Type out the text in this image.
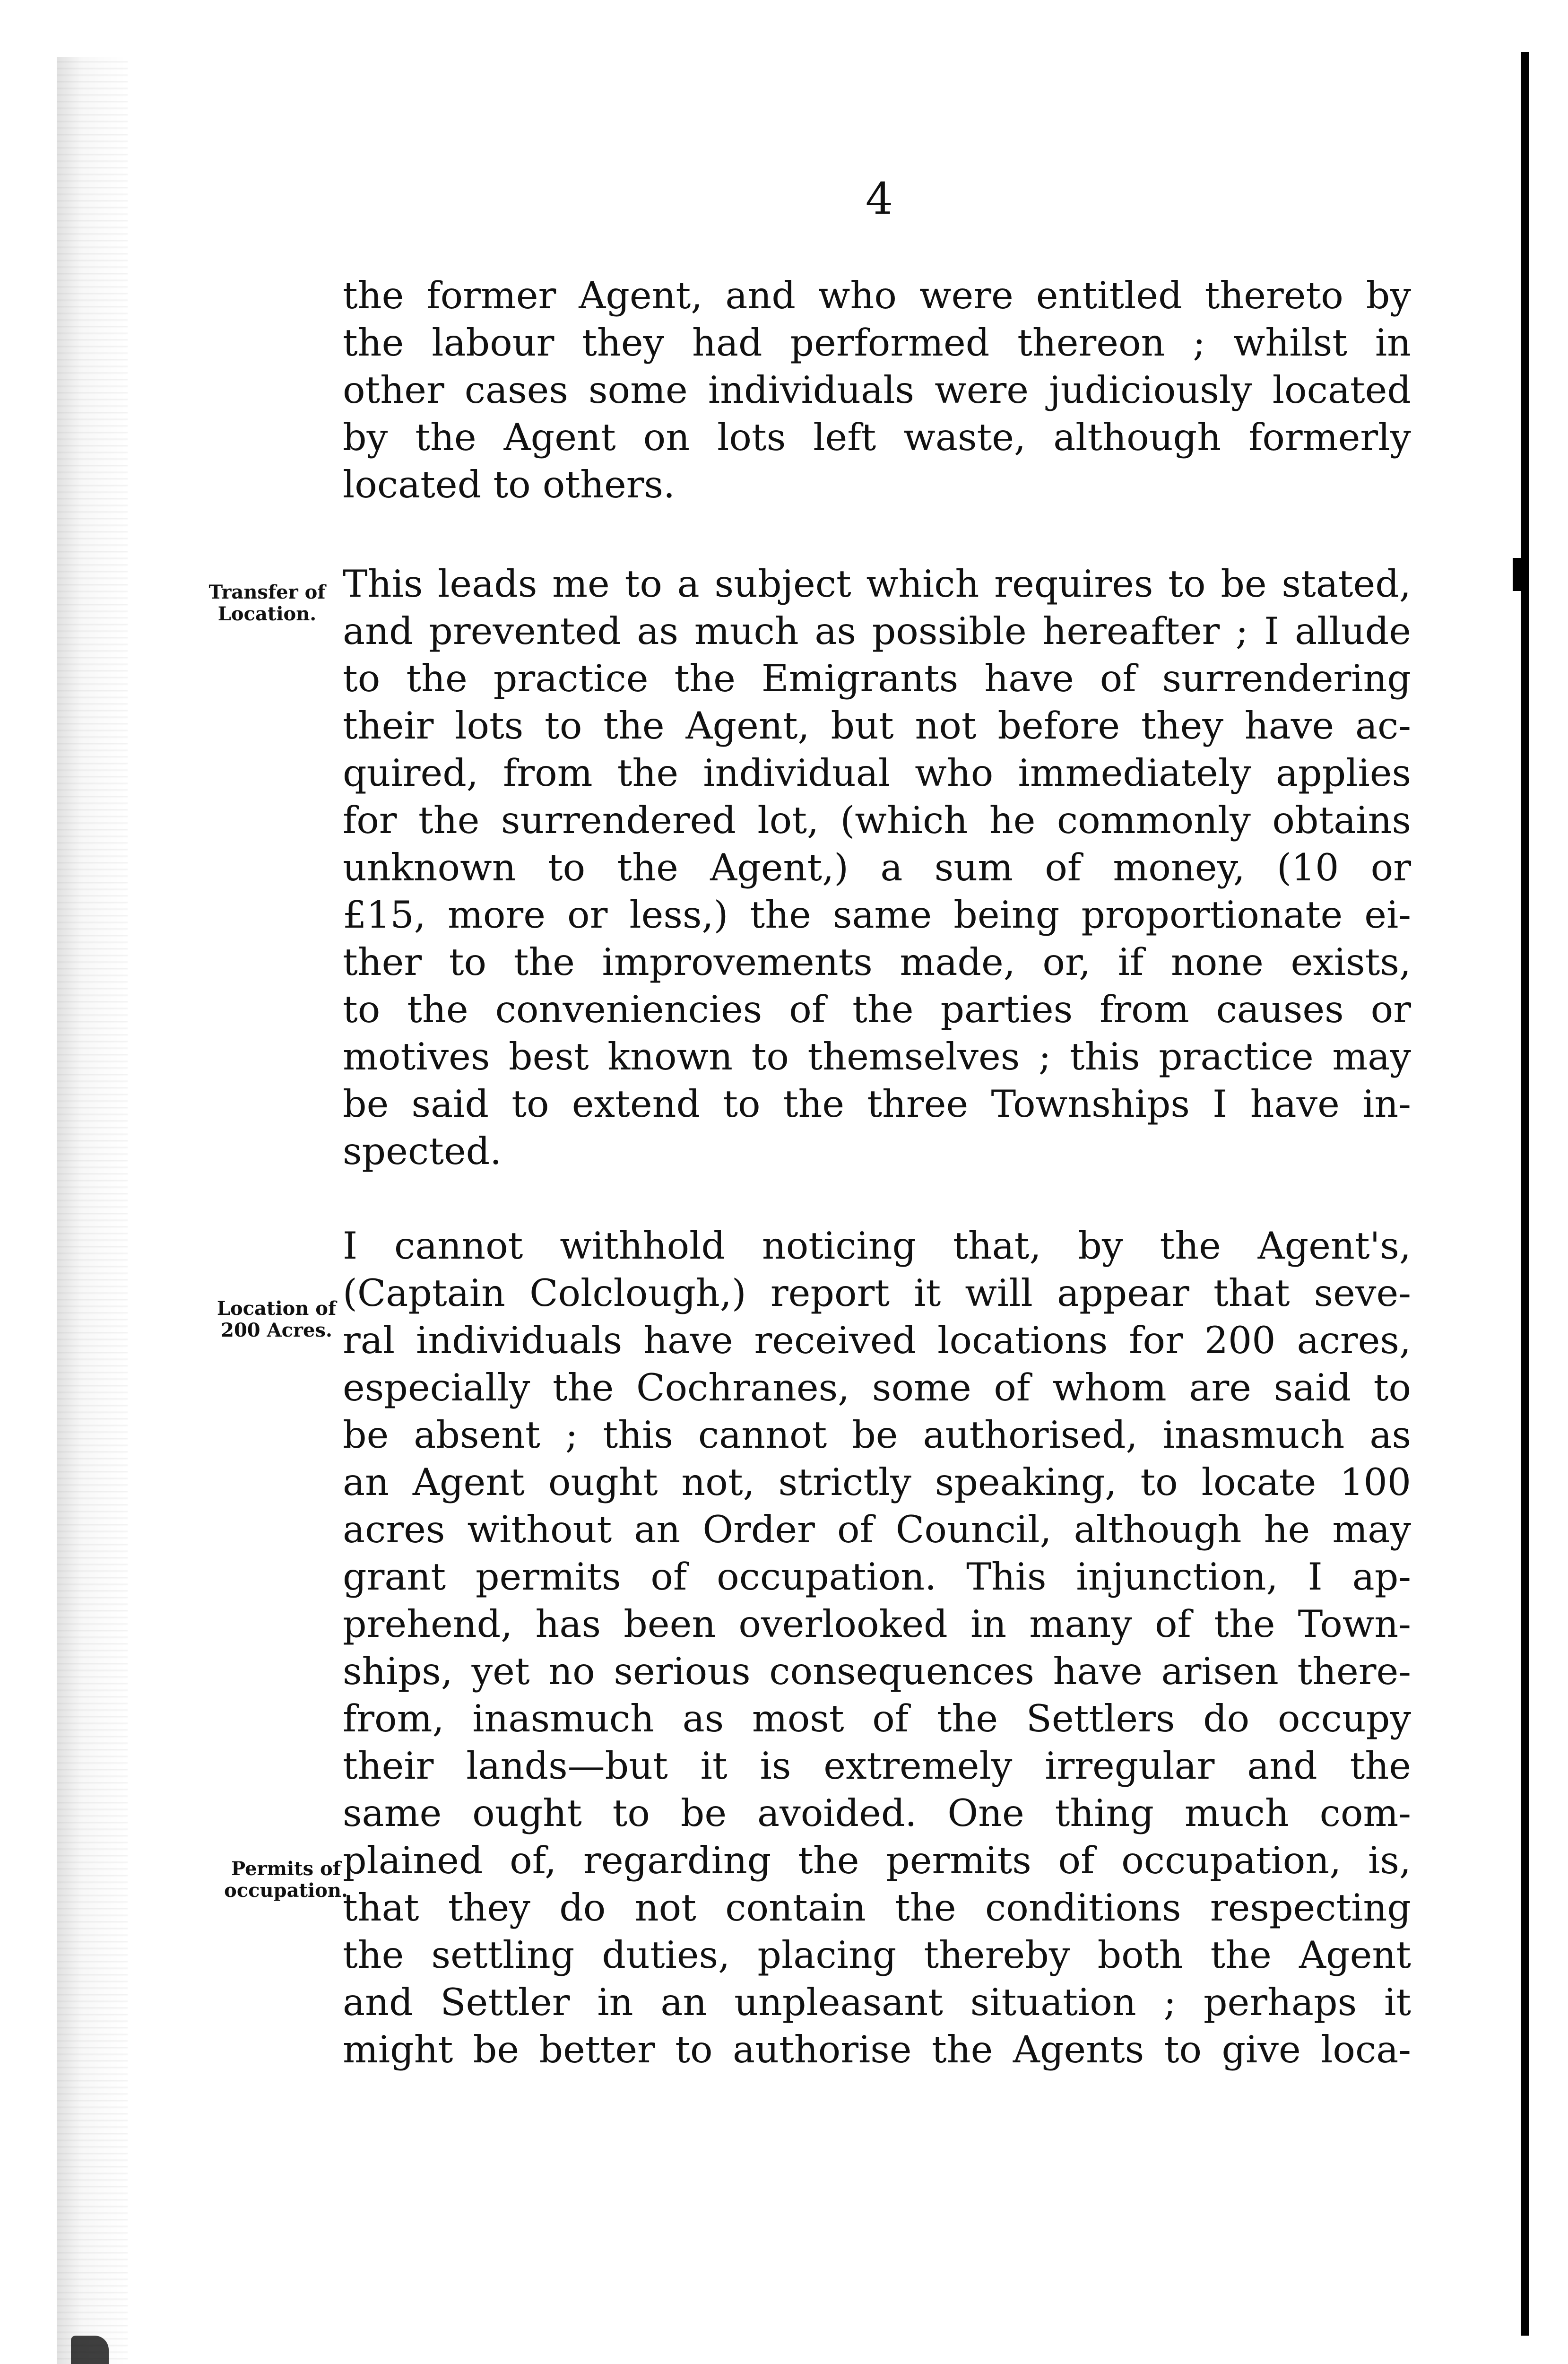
4
the former Agent, and who were entitled thereto by
the labour they had performed thereon ; whilst in
other cases some individuals were judiciously located
by the Agent on lots left waste, although formerly
located to others.
Transfer of
Location.
This leads me to a subject which requires to be stated,
and prevented as much as possible hereafter ; I allude
to the practice the Emigrants have of surrendering
their lots to the Agent, but not before they have ac-
quired, from the individual who immediately applies
for the surrendered lot, (which he commonly obtains
unknown to the Agent,) a sum of money, (10 or
£15, more or less,) the same being proportionate ei-
ther to the improvements made, or, if none exists,
to the conveniencies of the parties from causes or
motives best known to themselves ; this practice may
be said to extend to the three Townships I have in-
spected.
Location of
200 Acres.
I cannot withhold noticing that, by the Agent's,
(Captain Colclough,) report it will appear that seve-
ral individuals have received locations for 200 acres,
especially the Cochranes, some of whom are said to
be absent ; this cannot be authorised, inasmuch as
an Agent ought not, strictly speaking, to locate 100
acres without an Order of Council, although he may
grant permits of occupation. This injunction, I ap-
prehend, has been overlooked in many of the Town-
ships, yet no serious consequences have arisen there-
from, inasmuch as most of the Settlers do occupy
their lands—but it is extremely irregular and the
same ought to be avoided. One thing much com-
plained of, regarding the permits of occupation, is,
that they do not contain the conditions respecting
the settling duties, placing thereby both the Agent
and Settler in an unpleasant situation ; perhaps it
might be better to authorise the Agents to give loca-
Permits of
occupation.
